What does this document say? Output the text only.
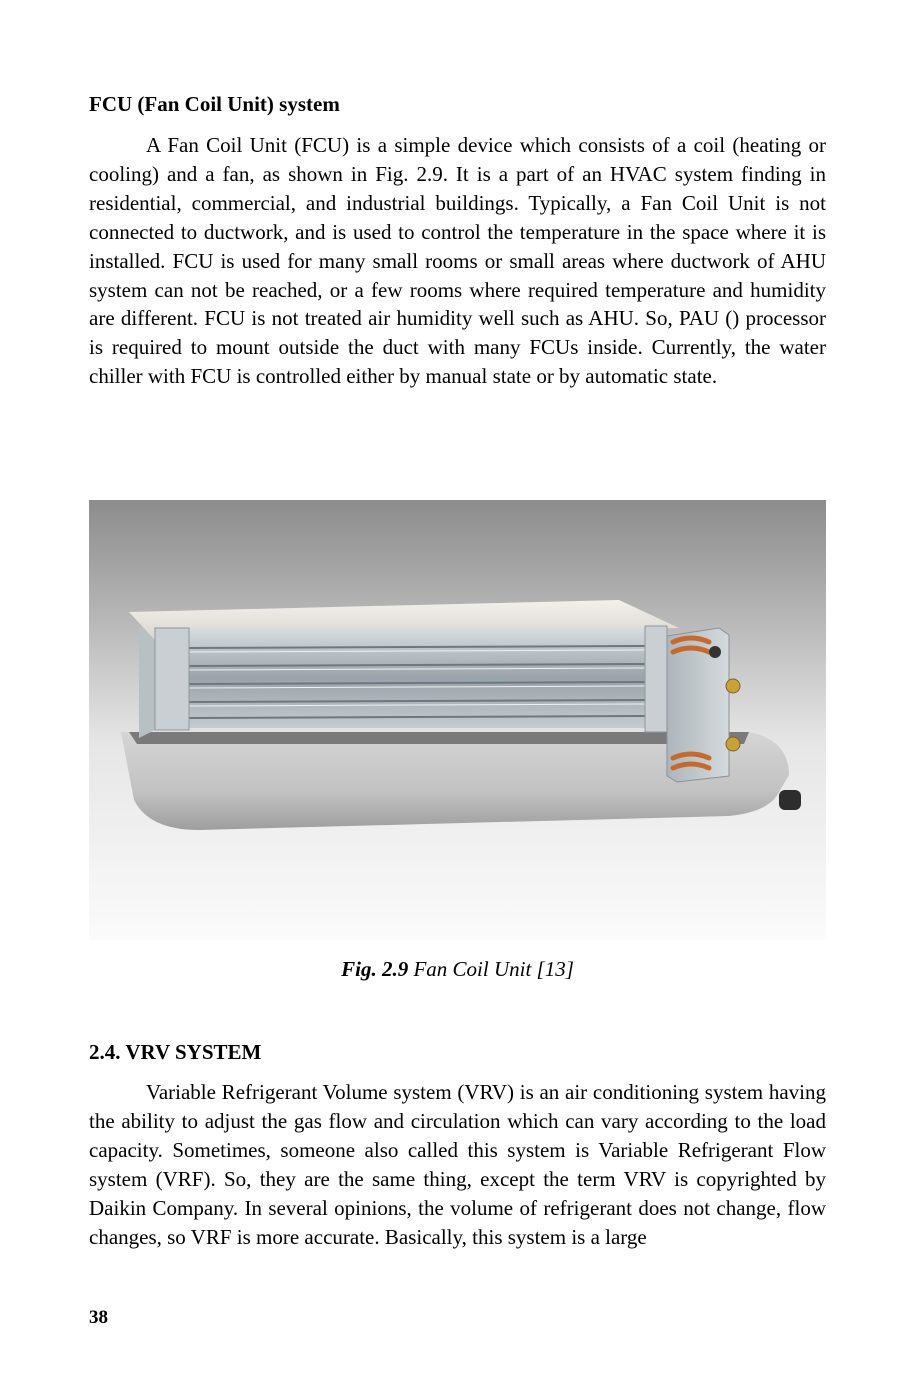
FCU (Fan Coil Unit) system

A Fan Coil Unit (FCU) is a simple device which consists of a coil (heating or cooling) and a fan, as shown in Fig. 2.9. It is a part of an HVAC system finding in residential, commercial, and industrial buildings. Typically, a Fan Coil Unit is not connected to ductwork, and is used to control the temperature in the space where it is installed. FCU is used for many small rooms or small areas where ductwork of AHU system can not be reached, or a few rooms where required temperature and humidity are different. FCU is not treated air humidity well such as AHU. So, PAU () processor is required to mount outside the duct with many FCUs inside. Currently, the water chiller with FCU is controlled either by manual state or by automatic state.

Fig. 2.9 Fan Coil Unit [13]
2.4. VRV SYSTEM

Variable Refrigerant Volume system (VRV) is an air conditioning system having the ability to adjust the gas flow and circulation which can vary according to the load capacity. Sometimes, someone also called this system is Variable Refrigerant Flow system (VRF). So, they are the same thing, except the term VRV is copyrighted by Daikin Company. In several opinions, the volume of refrigerant does not change, flow changes, so VRF is more accurate. Basically, this system is a large

38
